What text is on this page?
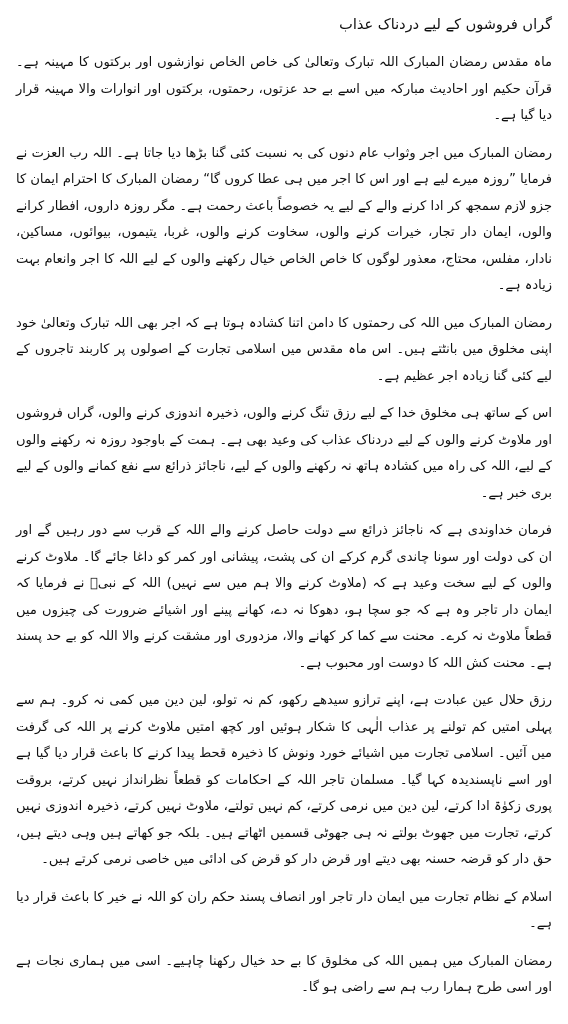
گراں فروشوں کے لیے دردناک عذاب

ماہ مقدس رمضان المبارک اللہ تبارک وتعالیٰ کی خاص الخاص نوازشوں اور برکتوں کا مہینہ ہے۔ قرآن حکیم اور احادیث مبارکہ میں اسے بے حد عزتوں، رحمتوں، برکتوں اور انوارات والا مہینہ قرار دیا گیا ہے۔

رمضان المبارک میں اجر وثواب عام دنوں کی بہ نسبت کئی گنا بڑھا دیا جاتا ہے۔ اللہ رب العزت نے فرمایا ”روزہ میرے لیے ہے اور اس کا اجر میں ہی عطا کروں گا“ رمضان المبارک کا احترام ایمان کا جزو لازم سمجھ کر ادا کرنے والے کے لیے یہ خصوصاً باعث رحمت ہے۔ مگر روزہ داروں، افطار کرانے والوں، ایمان دار تجار، خیرات کرنے والوں، سخاوت کرنے والوں، غربا، یتیموں، بیوائوں، مساکین، نادار، مفلس، محتاج، معذور لوگوں کا خاص الخاص خیال رکھنے والوں کے لیے اللہ کا اجر وانعام بہت زیادہ ہے۔

رمضان المبارک میں اللہ کی رحمتوں کا دامن اتنا کشادہ ہوتا ہے کہ اجر بھی اللہ تبارک وتعالیٰ خود اپنی مخلوق میں بانٹتے ہیں۔ اس ماہ مقدس میں اسلامی تجارت کے اصولوں پر کاربند تاجروں کے لیے کئی گنا زیادہ اجر عظیم ہے۔

اس کے ساتھ ہی مخلوق خدا کے لیے رزق تنگ کرنے والوں، ذخیرہ اندوزی کرنے والوں، گراں فروشوں اور ملاوٹ کرنے والوں کے لیے دردناک عذاب کی وعید بھی ہے۔ ہمت کے باوجود روزہ نہ رکھنے والوں کے لیے، اللہ کی راہ میں کشادہ ہاتھ نہ رکھنے والوں کے لیے، ناجائز ذرائع سے نفع کمانے والوں کے لیے بری خبر ہے۔

فرمان خداوندی ہے کہ ناجائز ذرائع سے دولت حاصل کرنے والے اللہ کے قرب سے دور رہیں گے اور ان کی دولت اور سونا چاندی گرم کرکے ان کی پشت، پیشانی اور کمر کو داغا جائے گا۔ ملاوٹ کرنے والوں کے لیے سخت وعید ہے کہ (ملاوٹ کرنے والا ہم میں سے نہیں) اللہ کے نبیؐ نے فرمایا کہ ایمان دار تاجر وہ ہے کہ جو سچا ہو، دھوکا نہ دے، کھانے پینے اور اشیائے ضرورت کی چیزوں میں قطعاً ملاوٹ نہ کرے۔ محنت سے کما کر کھانے والا، مزدوری اور مشقت کرنے والا اللہ کو بے حد پسند ہے۔ محنت کش اللہ کا دوست اور محبوب ہے۔

رزق حلال عین عبادت ہے، اپنے ترازو سیدھے رکھو، کم نہ تولو، لین دین میں کمی نہ کرو۔ ہم سے پہلی امتیں کم تولنے پر عذاب الٰہی کا شکار ہوئیں اور کچھ امتیں ملاوٹ کرنے پر اللہ کی گرفت میں آئیں۔ اسلامی تجارت میں اشیائے خورد ونوش کا ذخیرہ قحط پیدا کرنے کا باعث قرار دیا گیا ہے اور اسے ناپسندیدہ کہا گیا۔ مسلمان تاجر اللہ کے احکامات کو قطعاً نظرانداز نہیں کرتے، بروقت پوری زکوٰۃ ادا کرتے، لین دین میں نرمی کرتے، کم نہیں تولتے، ملاوٹ نہیں کرتے، ذخیرہ اندوزی نہیں کرتے، تجارت میں جھوٹ بولتے نہ ہی جھوٹی قسمیں اٹھاتے ہیں۔ بلکہ جو کھاتے ہیں وہی دیتے ہیں، حق دار کو قرضہ حسنہ بھی دیتے اور قرض دار کو قرض کی ادائی میں خاصی نرمی کرتے ہیں۔

اسلام کے نظام تجارت میں ایمان دار تاجر اور انصاف پسند حکم ران کو اللہ نے خیر کا باعث قرار دیا ہے۔

رمضان المبارک میں ہمیں اللہ کی مخلوق کا بے حد خیال رکھنا چاہیے۔ اسی میں ہماری نجات ہے اور اسی طرح ہمارا رب ہم سے راضی ہو گا۔
